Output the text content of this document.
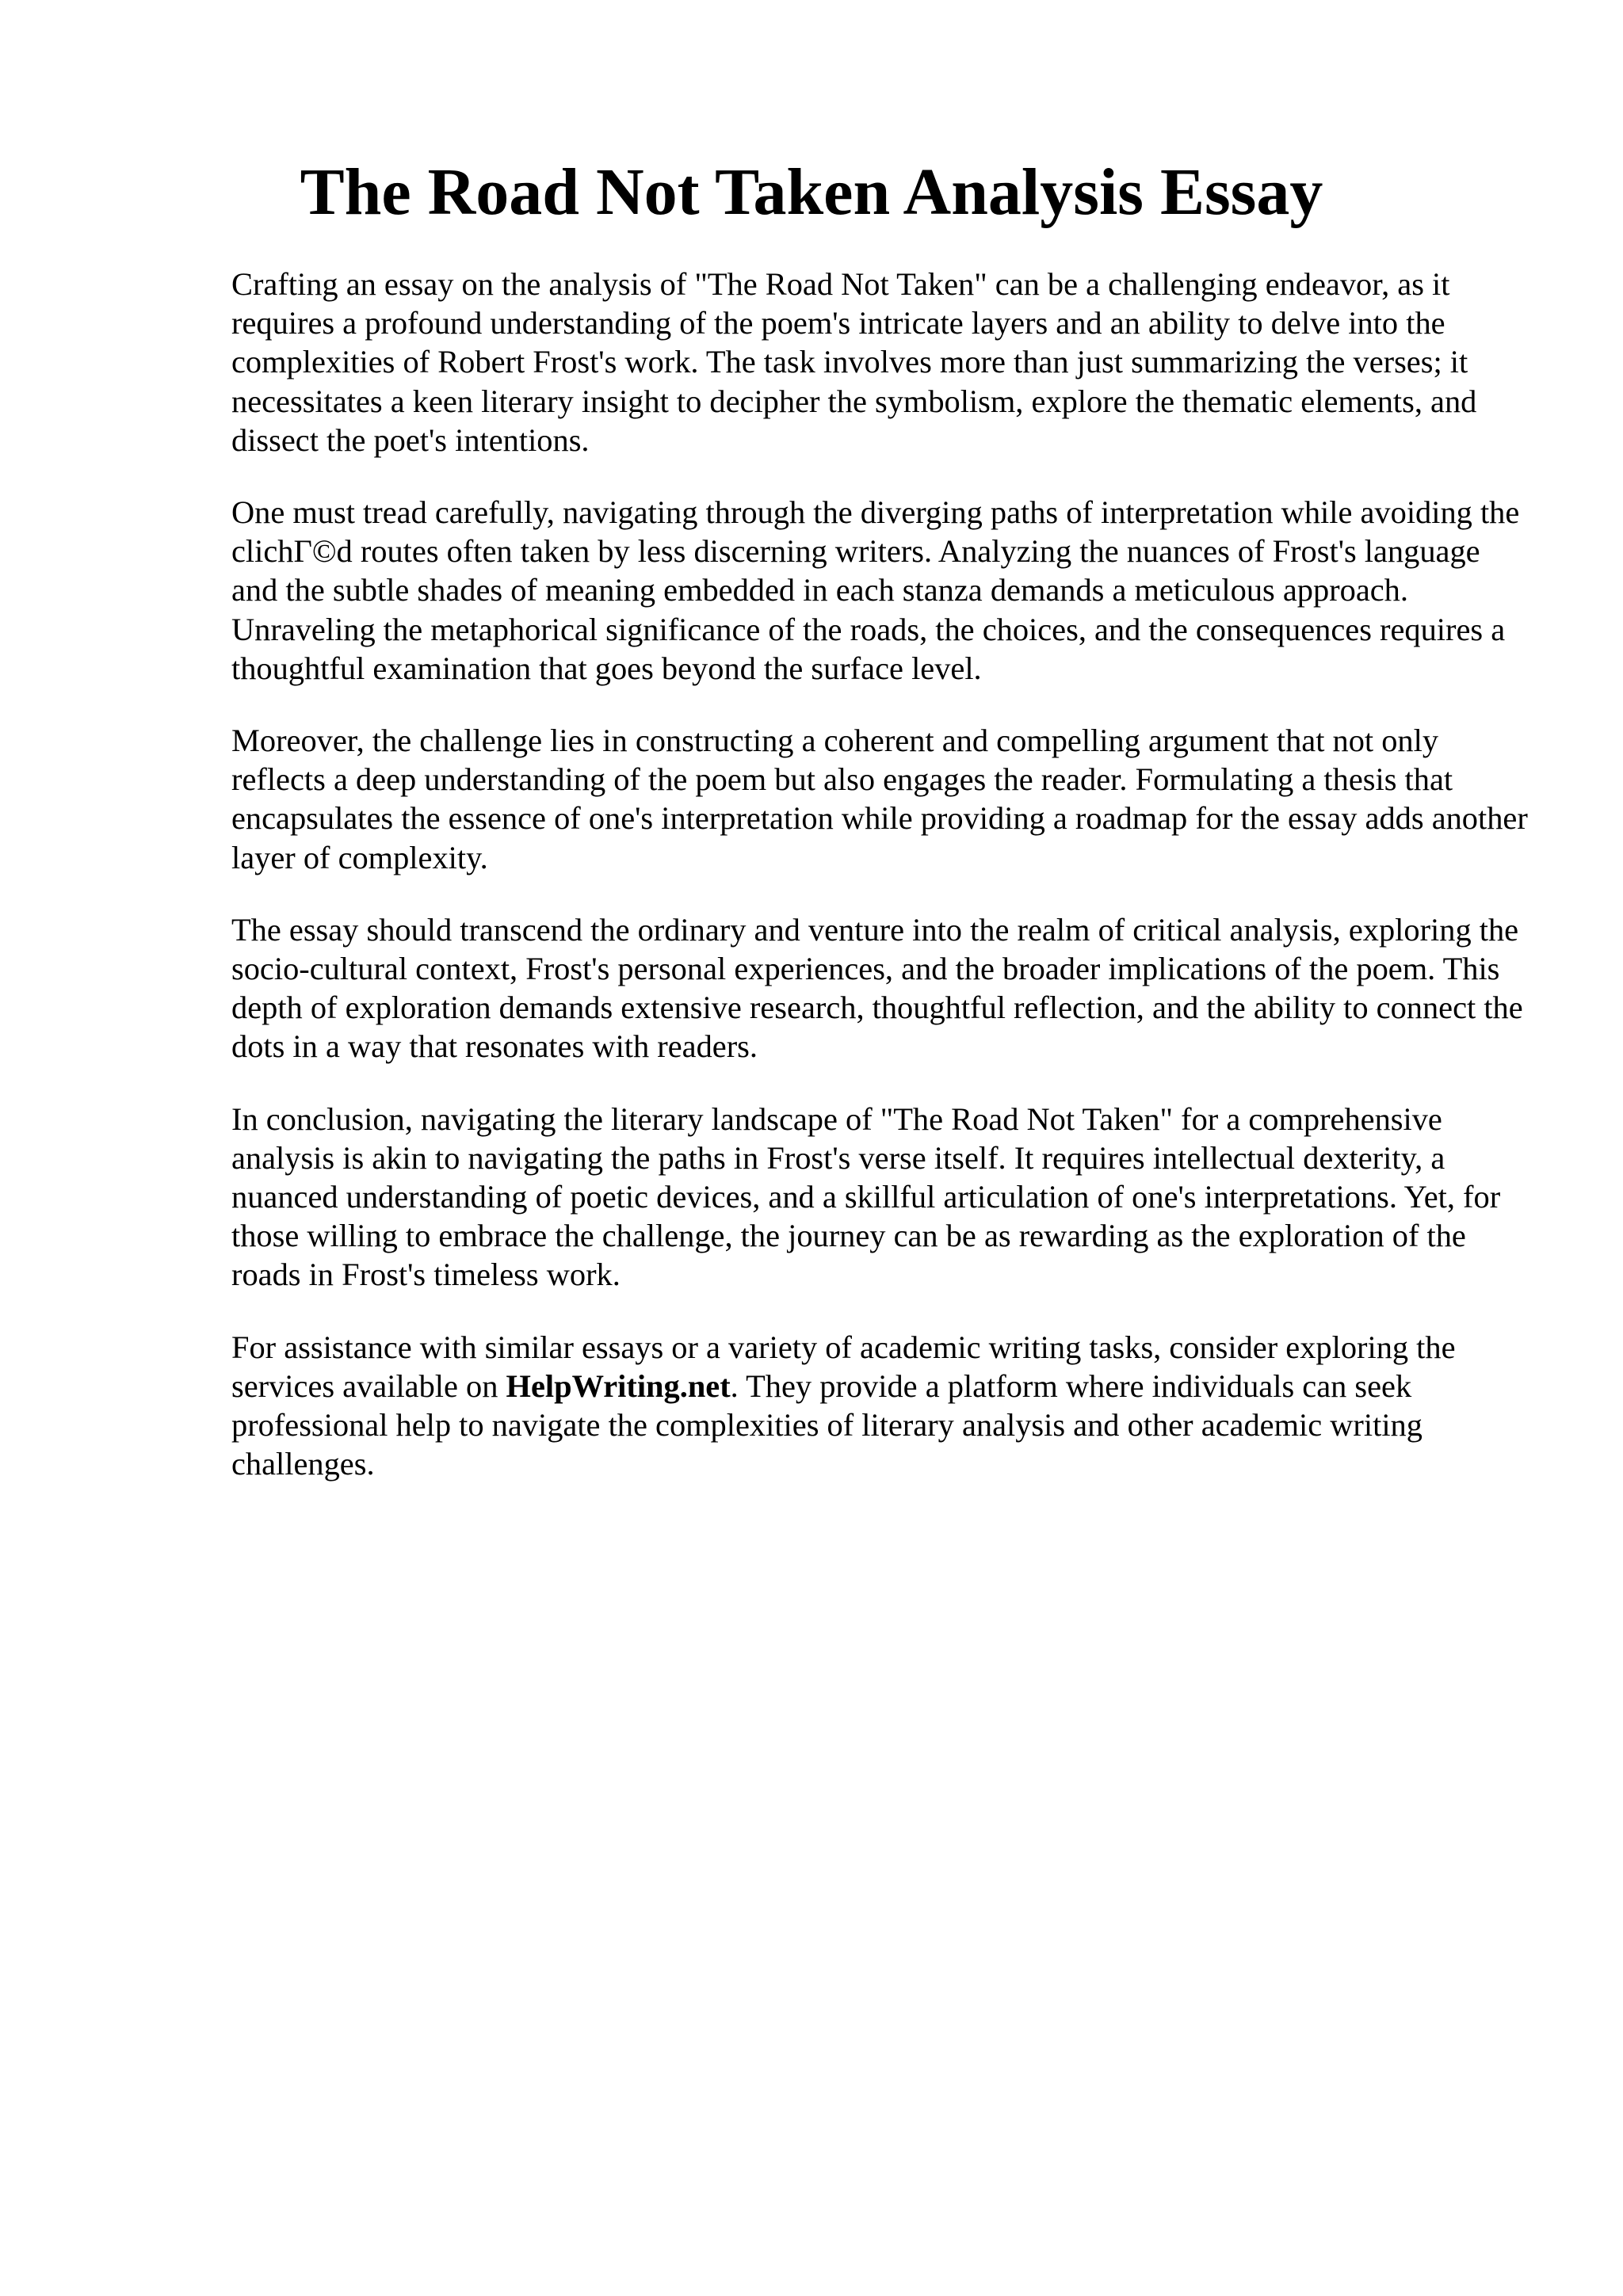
The Road Not Taken Analysis Essay

Crafting an essay on the analysis of "The Road Not Taken" can be a challenging endeavor, as it requires a profound understanding of the poem's intricate layers and an ability to delve into the complexities of Robert Frost's work. The task involves more than just summarizing the verses; it necessitates a keen literary insight to decipher the symbolism, explore the thematic elements, and dissect the poet's intentions.

One must tread carefully, navigating through the diverging paths of interpretation while avoiding the clichΓ©d routes often taken by less discerning writers. Analyzing the nuances of Frost's language and the subtle shades of meaning embedded in each stanza demands a meticulous approach. Unraveling the metaphorical significance of the roads, the choices, and the consequences requires a thoughtful examination that goes beyond the surface level.

Moreover, the challenge lies in constructing a coherent and compelling argument that not only reflects a deep understanding of the poem but also engages the reader. Formulating a thesis that encapsulates the essence of one's interpretation while providing a roadmap for the essay adds another layer of complexity.

The essay should transcend the ordinary and venture into the realm of critical analysis, exploring the socio-cultural context, Frost's personal experiences, and the broader implications of the poem. This depth of exploration demands extensive research, thoughtful reflection, and the ability to connect the dots in a way that resonates with readers.

In conclusion, navigating the literary landscape of "The Road Not Taken" for a comprehensive analysis is akin to navigating the paths in Frost's verse itself. It requires intellectual dexterity, a nuanced understanding of poetic devices, and a skillful articulation of one's interpretations. Yet, for those willing to embrace the challenge, the journey can be as rewarding as the exploration of the roads in Frost's timeless work.

For assistance with similar essays or a variety of academic writing tasks, consider exploring the services available on HelpWriting.net. They provide a platform where individuals can seek professional help to navigate the complexities of literary analysis and other academic writing challenges.
